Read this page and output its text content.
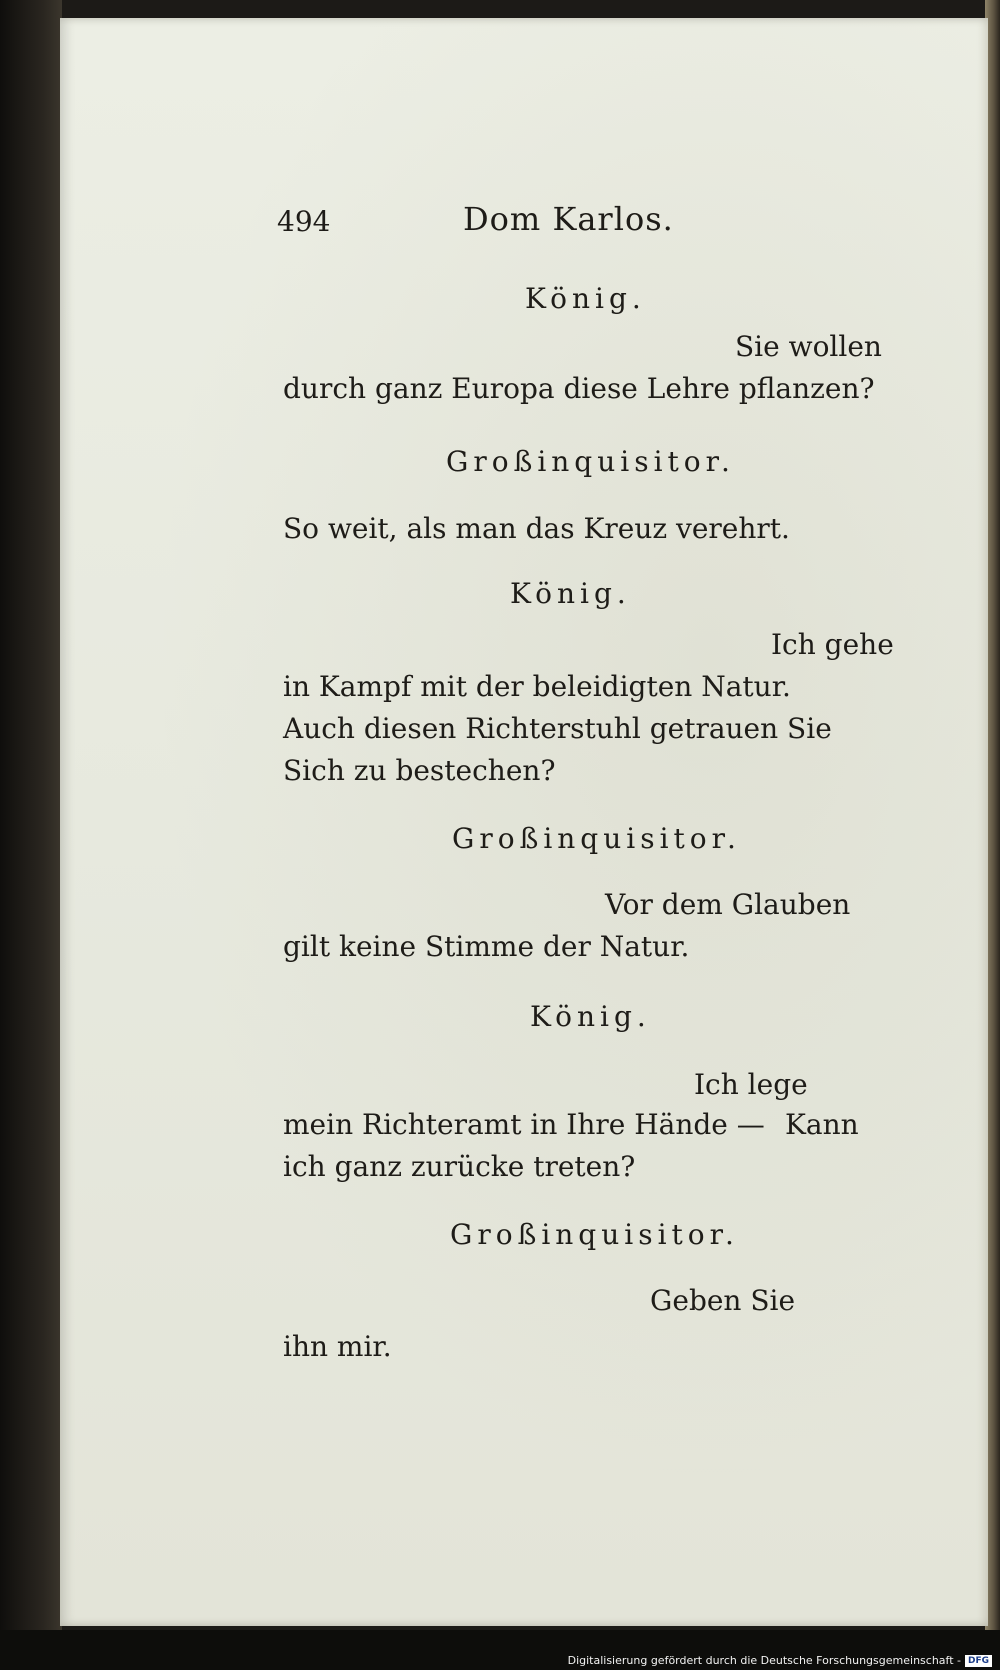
494	Dom Karlos.
König.
Sie wollen
durch ganz Europa diese Lehre pflanzen?
Großinquisitor.
So weit, als man das Kreuz verehrt.
König.
Ich gehe
in Kampf mit der beleidigten Natur.
Auch diesen Richterstuhl getrauen Sie
Sich zu bestechen?
Großinquisitor.
Vor dem Glauben
gilt keine Stimme der Natur.
König.
Ich lege
mein Richteramt in Ihre Hände — Kann
ich ganz zurücke treten?
Großinquisitor.
Geben Sie
ihn mir.
Digitalisierung gefördert durch die Deutsche Forschungsgemeinschaft - DFG
